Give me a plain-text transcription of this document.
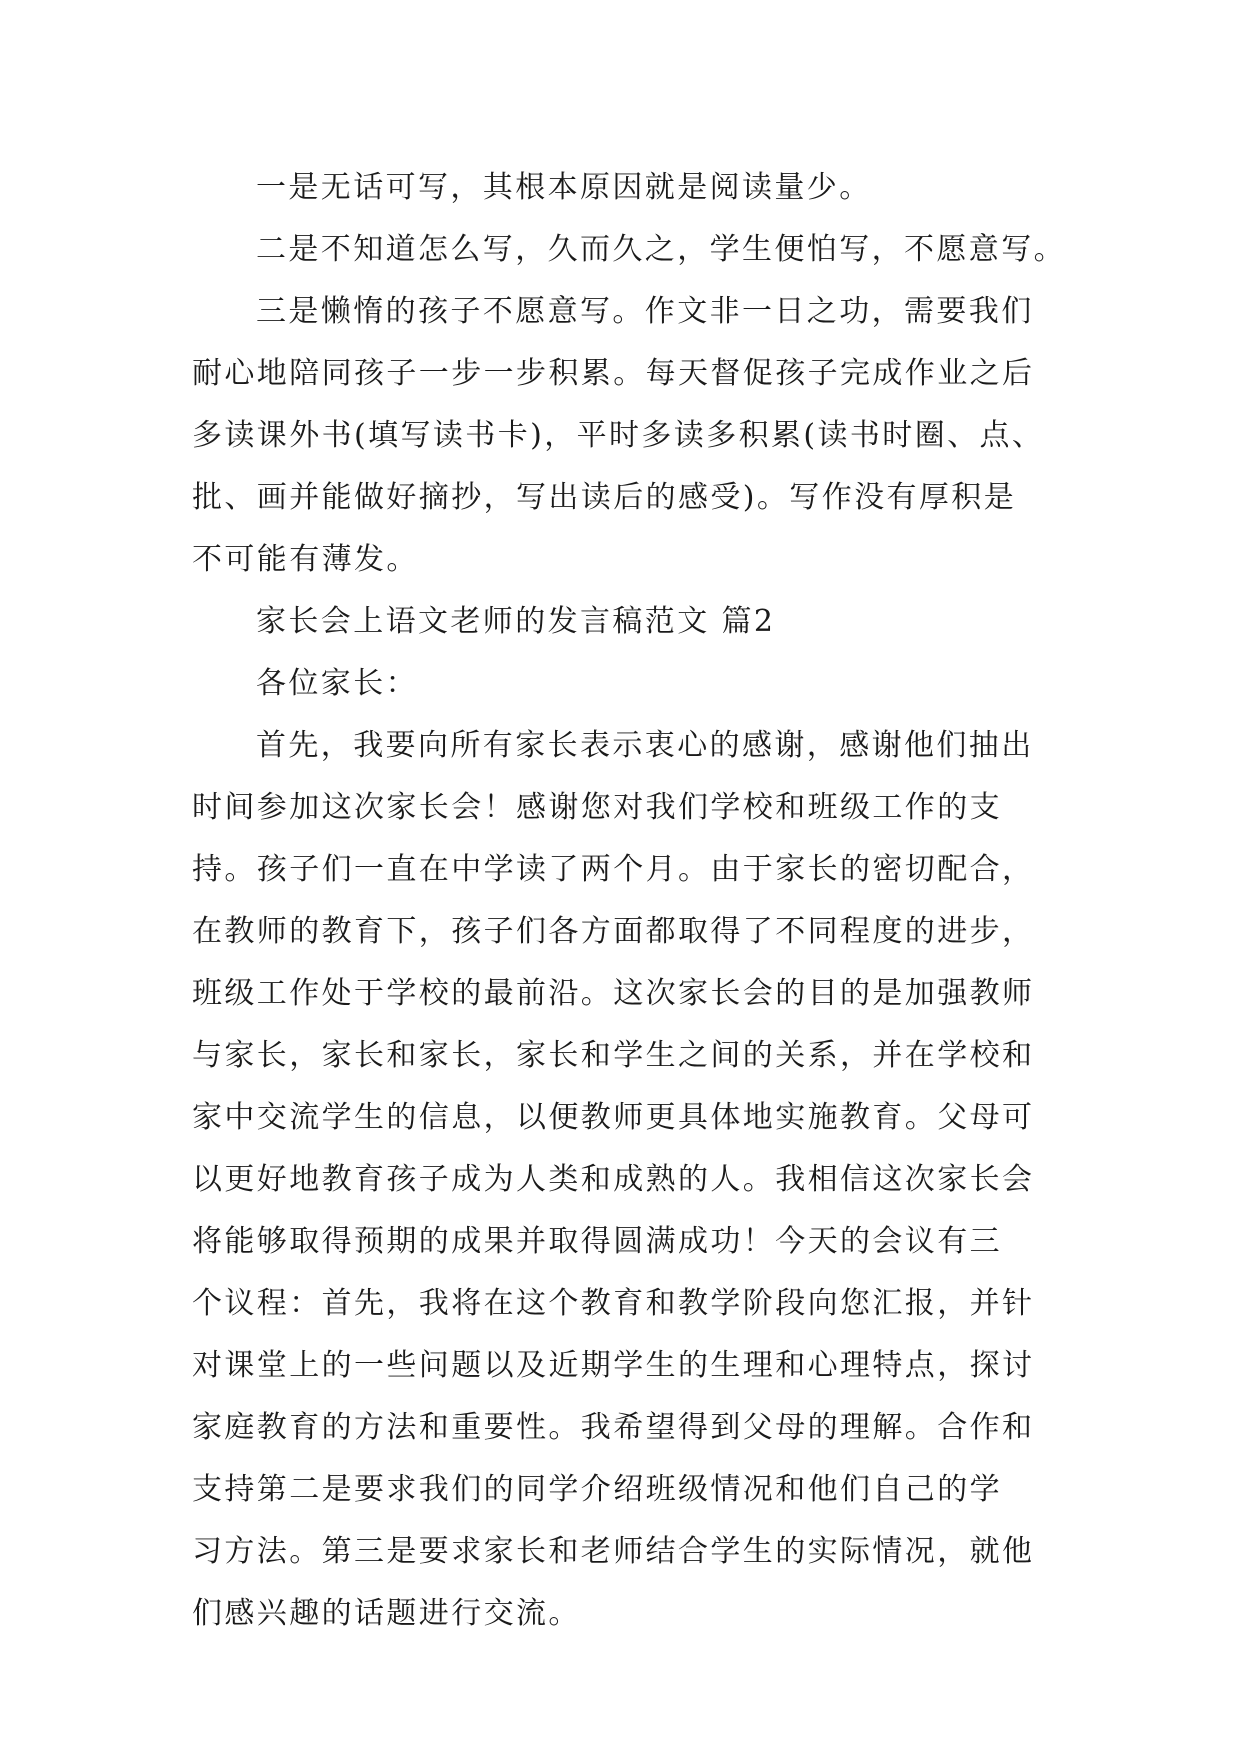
一是无话可写，其根本原因就是阅读量少。
二是不知道怎么写，久而久之，学生便怕写，不愿意写。
三是懒惰的孩子不愿意写。作文非一日之功，需要我们
耐心地陪同孩子一步一步积累。每天督促孩子完成作业之后
多读课外书(填写读书卡)，平时多读多积累(读书时圈、点、
批、画并能做好摘抄，写出读后的感受)。写作没有厚积是
不可能有薄发。
家长会上语文老师的发言稿范文 篇2
各位家长：
首先，我要向所有家长表示衷心的感谢，感谢他们抽出
时间参加这次家长会！感谢您对我们学校和班级工作的支
持。孩子们一直在中学读了两个月。由于家长的密切配合，
在教师的教育下，孩子们各方面都取得了不同程度的进步，
班级工作处于学校的最前沿。这次家长会的目的是加强教师
与家长，家长和家长，家长和学生之间的关系，并在学校和
家中交流学生的信息，以便教师更具体地实施教育。父母可
以更好地教育孩子成为人类和成熟的人。我相信这次家长会
将能够取得预期的成果并取得圆满成功！今天的会议有三
个议程：首先，我将在这个教育和教学阶段向您汇报，并针
对课堂上的一些问题以及近期学生的生理和心理特点，探讨
家庭教育的方法和重要性。我希望得到父母的理解。合作和
支持第二是要求我们的同学介绍班级情况和他们自己的学
习方法。第三是要求家长和老师结合学生的实际情况，就他
们感兴趣的话题进行交流。
